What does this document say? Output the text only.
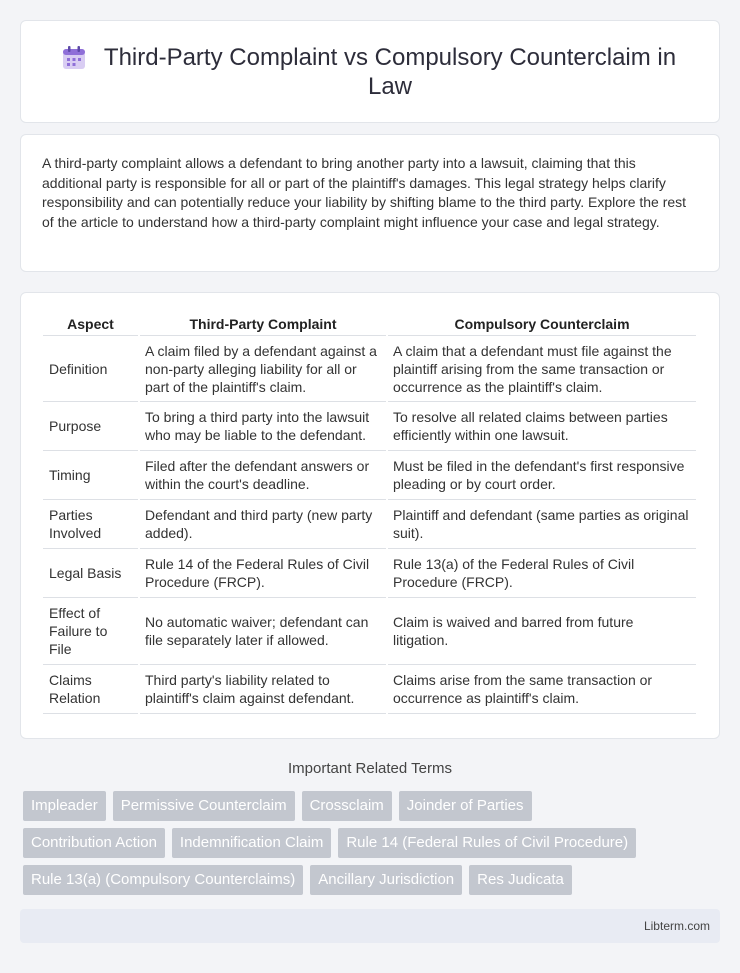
Third-Party Complaint vs Compulsory Counterclaim in Law

A third-party complaint allows a defendant to bring another party into a lawsuit, claiming that this additional party is responsible for all or part of the plaintiff's damages. This legal strategy helps clarify responsibility and can potentially reduce your liability by shifting blame to the third party. Explore the rest of the article to understand how a third-party complaint might influence your case and legal strategy.

Aspect	Third-Party Complaint	Compulsory Counterclaim
Definition	A claim filed by a defendant against a non-party alleging liability for all or part of the plaintiff's claim.	A claim that a defendant must file against the plaintiff arising from the same transaction or occurrence as the plaintiff's claim.
Purpose	To bring a third party into the lawsuit who may be liable to the defendant.	To resolve all related claims between parties efficiently within one lawsuit.
Timing	Filed after the defendant answers or within the court's deadline.	Must be filed in the defendant's first responsive pleading or by court order.
Parties Involved	Defendant and third party (new party added).	Plaintiff and defendant (same parties as original suit).
Legal Basis	Rule 14 of the Federal Rules of Civil Procedure (FRCP).	Rule 13(a) of the Federal Rules of Civil Procedure (FRCP).
Effect of Failure to File	No automatic waiver; defendant can file separately later if allowed.	Claim is waived and barred from future litigation.
Claims Relation	Third party's liability related to plaintiff's claim against defendant.	Claims arise from the same transaction or occurrence as plaintiff's claim.
Important Related Terms
Impleader	Permissive Counterclaim	Crossclaim	Joinder of Parties
Contribution Action	Indemnification Claim	Rule 14 (Federal Rules of Civil Procedure)
Rule 13(a) (Compulsory Counterclaims)	Ancillary Jurisdiction	Res Judicata
Libterm.com
